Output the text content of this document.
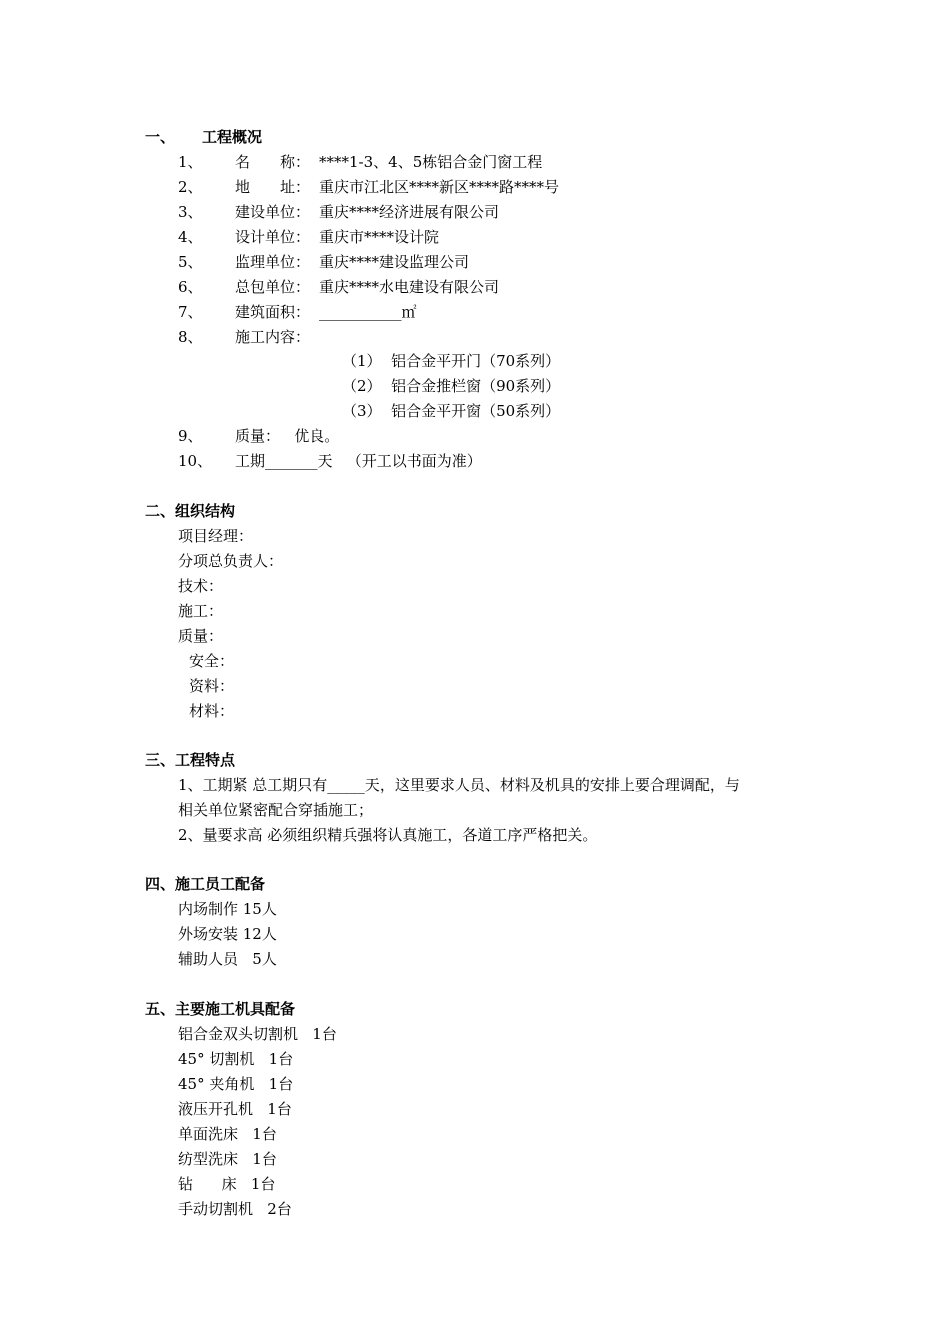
一、 工程概况
1、 名　　称： ****1-3、4、5栋铝合金门窗工程
2、 地　　址： 重庆市江北区****新区****路****号
3、 建设单位： 重庆****经济进展有限公司
4、 设计单位： 重庆市****设计院
5、 监理单位： 重庆****建设监理公司
6、 总包单位： 重庆****水电建设有限公司
7、 建筑面积： ___________㎡
8、 施工内容：
（1）  铝合金平开门（70系列）
（2）  铝合金推栏窗（90系列）
（3）  铝合金平开窗（50系列）
9、 质量：   优良。
10、 工期_______天   （开工以书面为准）
二、组织结构
项目经理：
分项总负责人：
技术：
施工：
质量：
安全：
资料：
材料：
三、工程特点
1、工期紧 总工期只有_____天，这里要求人员、材料及机具的安排上要合理调配，与
相关单位紧密配合穿插施工；
2、量要求高 必须组织精兵强将认真施工，各道工序严格把关。
四、施工员工配备
内场制作 15人
外场安装 12人
辅助人员   5人
五、主要施工机具配备
铝合金双头切割机   1台
45° 切割机   1台
45° 夹角机   1台
液压开孔机   1台
单面洗床   1台
纺型洗床   1台
钻      床   1台
手动切割机   2台
